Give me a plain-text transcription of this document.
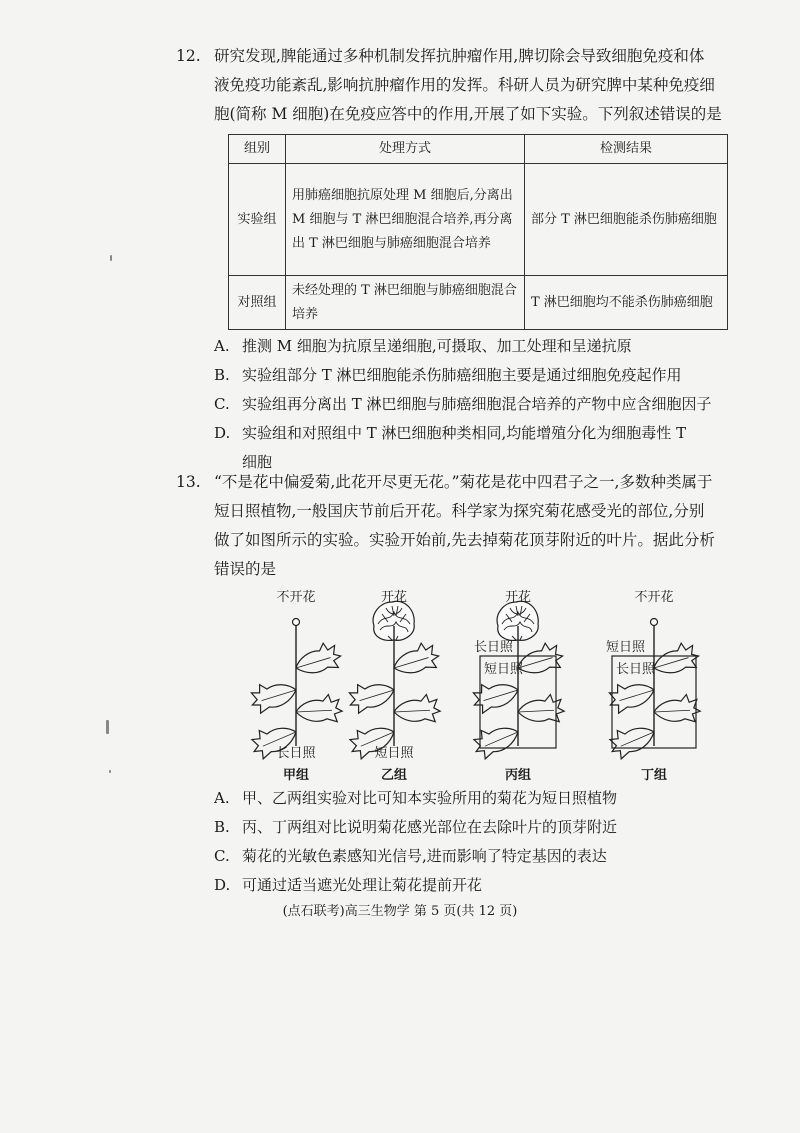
12. 研究发现,脾能通过多种机制发挥抗肿瘤作用,脾切除会导致细胞免疫和体
液免疫功能紊乱,影响抗肿瘤作用的发挥。科研人员为研究脾中某种免疫细
胞(简称 M 细胞)在免疫应答中的作用,开展了如下实验。下列叙述错误的是
组别	处理方式	检测结果
实验组	用肺癌细胞抗原处理 M 细胞后,分离出 M 细胞与 T 淋巴细胞混合培养,再分离出 T 淋巴细胞与肺癌细胞混合培养	部分 T 淋巴细胞能杀伤肺癌细胞
对照组	未经处理的 T 淋巴细胞与肺癌细胞混合培养	T 淋巴细胞均不能杀伤肺癌细胞
A. 推测 M 细胞为抗原呈递细胞,可摄取、加工处理和呈递抗原
B. 实验组部分 T 淋巴细胞能杀伤肺癌细胞主要是通过细胞免疫起作用
C. 实验组再分离出 T 淋巴细胞与肺癌细胞混合培养的产物中应含细胞因子
D. 实验组和对照组中 T 淋巴细胞种类相同,均能增殖分化为细胞毒性 T
细胞
13. “不是花中偏爱菊,此花开尽更无花。”菊花是花中四君子之一,多数种类属于
短日照植物,一般国庆节前后开花。科学家为探究菊花感受光的部位,分别
做了如图所示的实验。实验开始前,先去掉菊花顶芽附近的叶片。据此分析
错误的是
不开花
长日照
甲组
开花
短日照
乙组
开花
长日照
短日照
丙组
不开花
短日照
长日照
丁组
A. 甲、乙两组实验对比可知本实验所用的菊花为短日照植物
B. 丙、丁两组对比说明菊花感光部位在去除叶片的顶芽附近
C. 菊花的光敏色素感知光信号,进而影响了特定基因的表达
D. 可通过适当遮光处理让菊花提前开花
(点石联考)高三生物学 第 5 页(共 12 页)
